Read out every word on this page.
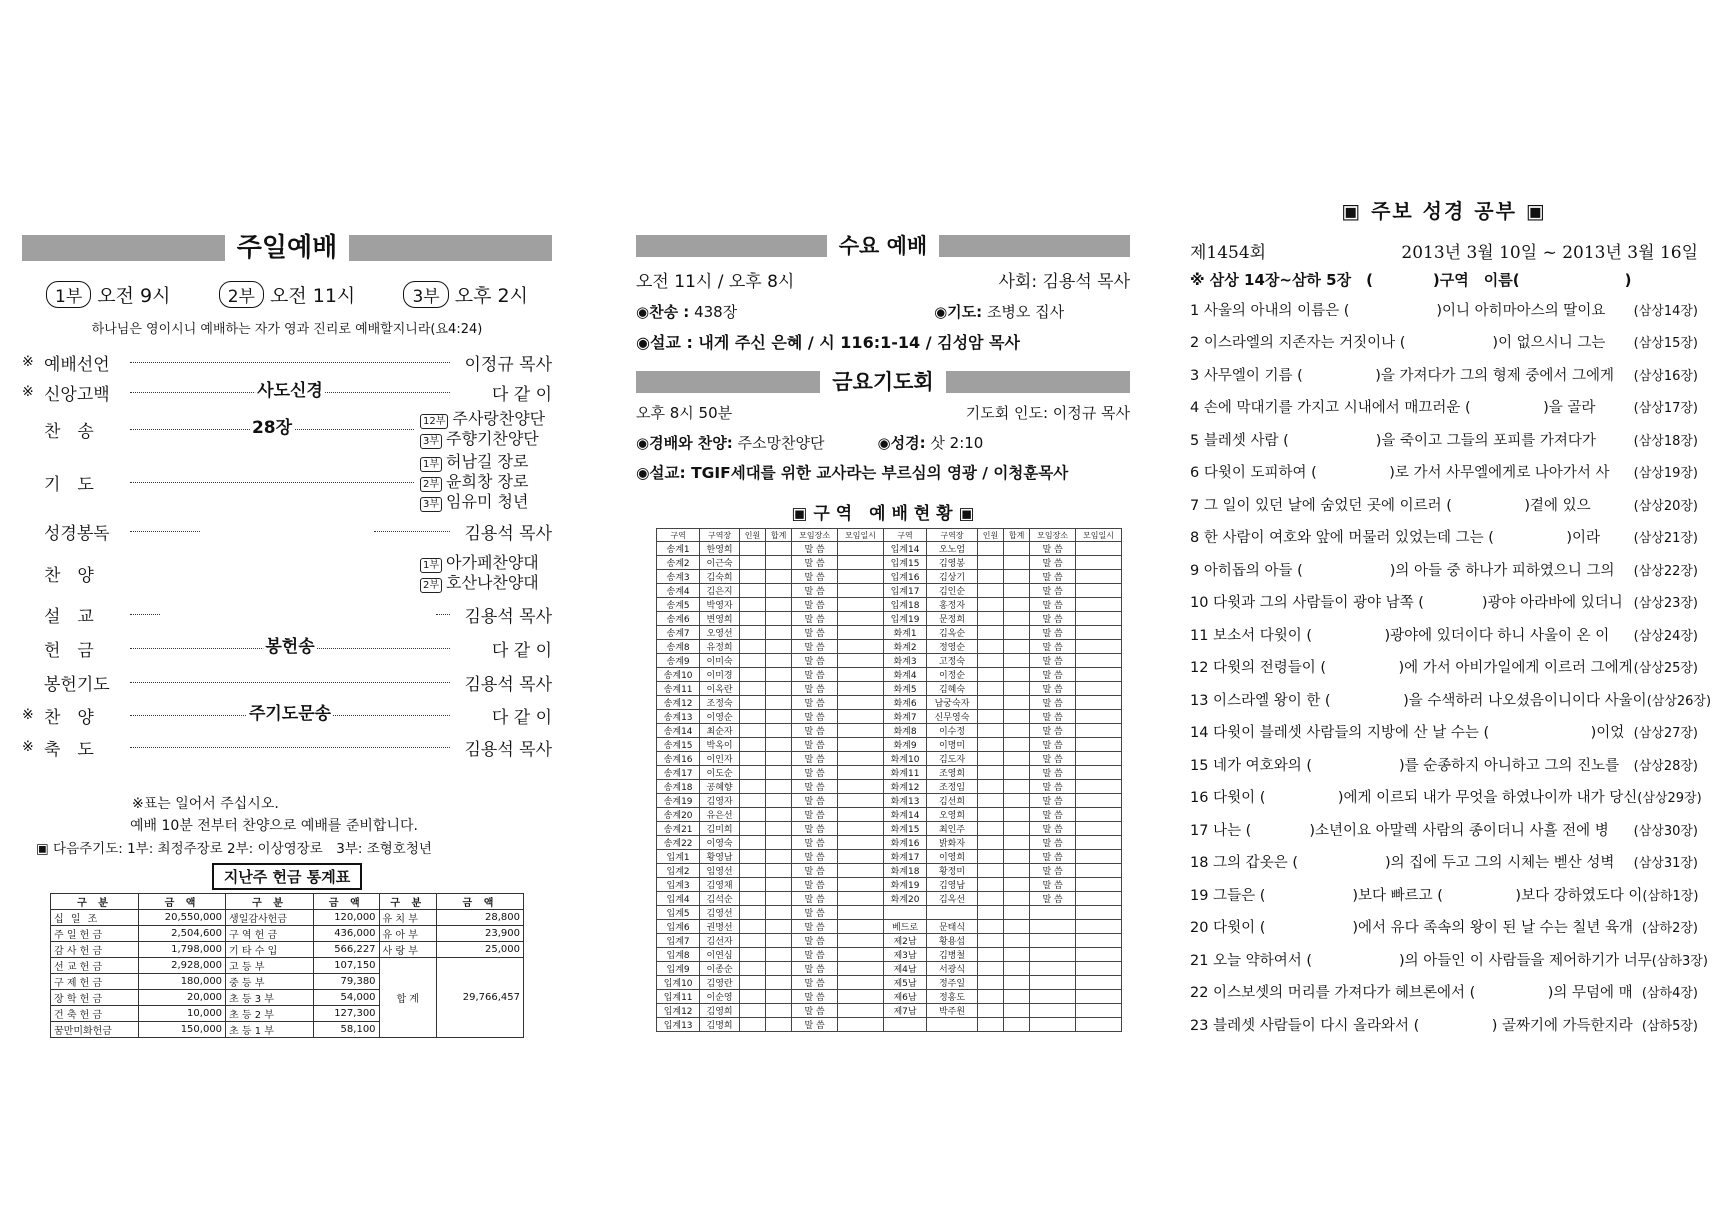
주일예배
1부 오전 9시	2부 오전 11시	3부 오후 2시
하나님은 영이시니 예배하는 자가 영과 진리로 예배할지니라(요4:24)
※ 예배선언	이정규 목사
※ 신앙고백	사도신경	다 같 이
찬　송	28장	12부 주사랑찬양단
3부 주향기찬양단
기　도
1부 허남길 장로
2부 윤희창 장로
3부 임유미 청년
성경봉독	김용석 목사
찬　양	1부 아가페찬양대
2부 호산나찬양대
설　교	김용석 목사
헌　금	봉헌송	다 같 이
봉헌기도	김용석 목사
※ 찬　양	주기도문송	다 같 이
※ 축　도	김용석 목사
※표는 일어서 주십시오.
예배 10분 전부터 찬양으로 예배를 준비합니다.
▣ 다음주기도: 1부: 최정주장로 2부: 이상영장로　3부: 조형호청년
지난주 헌금 통계표
구 분	금 액	구 분	금 액	구 분	금 액
십 일 조	20,550,000	생일감사헌금	120,000	유 치 부	28,800
주 일 헌 금	2,504,600	구 역 헌 금	436,000	유 아 부	23,900
감 사 헌 금	1,798,000	기 타 수 입	566,227	사 랑 부	25,000
선 교 헌 금	2,928,000	고 등 부	107,150	합 계	29,766,457
구 제 헌 금	180,000	중 등 부	79,380		
장 학 헌 금	20,000	초 등 3 부	54,000		
건 축 헌 금	10,000	초 등 2 부	127,300		
꿈만미화헌금	150,000	초 등 1 부	58,100		
수요 예배
오전 11시 / 오후 8시	사회: 김용석 목사
◉찬송 :
438장	◉기도:
조병오 집사
◉설교 : 내게 주신 은혜 / 시 116:1-14 / 김성암 목사
금요기도회
오후 8시 50분	기도회 인도: 이정규 목사
◉경배와 찬양:
주소망찬양단	◉성경:
삿 2:10
◉설교: TGIF세대를 위한 교사라는 부르심의 영광 / 이청훈목사
▣ 구 역　예 배 현 황 ▣
구역	구역장	인원	합계	모임장소	모임일시	구역	구역장	인원	합계	모임장소	모임일시
송계1	한영희			말 씀		입계14	오노엄			말 씀	
송계2	이근숙			말 씀		입계15	김영봉			말 씀	
송계3	김숙희			말 씀		입계16	김상기			말 씀	
송계4	김은지			말 씀		입계17	김인순			말 씀	
송계5	박영자			말 씀		입계18	홍정자			말 씀	
송계6	변영희			말 씀		입계19	문정희			말 씀	
송계7	오영선			말 씀		화계1	김옥순			말 씀	
송계8	유정희			말 씀		화계2	정영순			말 씀	
송계9	이미숙			말 씀		화계3	고정숙			말 씀	
송계10	이미경			말 씀		화계4	이정순			말 씀	
송계11	이옥란			말 씀		화계5	김혜숙			말 씀	
송계12	조정숙			말 씀		화계6	남궁숙자			말 씀	
송계13	이영순			말 씀		화계7	신무영숙			말 씀	
송계14	최순자			말 씀		화계8	이수정			말 씀	
송계15	박옥이			말 씀		화계9	이명미			말 씀	
송계16	이인자			말 씀		화계10	김도자			말 씀	
송계17	이도순			말 씀		화계11	조영희			말 씀	
송계18	공혜향			말 씀		화계12	조정임			말 씀	
송계19	김영자			말 씀		화계13	김선희			말 씀	
송계20	유은선			말 씀		화계14	오영희			말 씀	
송계21	김미희			말 씀		화계15	최인주			말 씀	
송계22	이영숙			말 씀		화계16	밝화자			말 씀	
입계1	황영남			말 씀		화계17	이영희			말 씀	
입계2	임영선			말 씀		화계18	황정미			말 씀	
입계3	김영채			말 씀		화계19	김영남			말 씀	
입계4	김석순			말 씀		화계20	김옥선			말 씀	
입계5	김영선			말 씀							
입계6	권명선			말 씀		베드로	문태식				
입계7	김선자			말 씀		제2남	황용섭				
입계8	이연심			말 씀		제3남	김병철				
입계9	이종순			말 씀		제4남	서광식				
입계10	김영란			말 씀		제5남	정주일				
입계11	이순영			말 씀		제6남	정홍도				
입계12	김영희			말 씀		제7남	박주원				
입계13	김명희			말 씀							
▣ 주보 성경 공부 ▣
제1454회	2013년 3월 10일 ~ 2013년 3월 16일
※ 삼상 14장~삼하 5장　(　　　　)구역　이름(　　　　　　　)
1 사울의 아내의 이름은 (　　　　　　)이니 아히마아스의 딸이요 (삼상14장)
2 이스라엘의 지존자는 거짓이나 (　　　　　　)이 없으시니 그는 (삼상15장)
3 사무엘이 기름 (　　　　　)을 가져다가 그의 형제 중에서 그에게 (삼상16장)
4 손에 막대기를 가지고 시내에서 매끄러운 (　　　　　)을 골라	(삼상17장)
5 블레셋 사람 (　　　　　　)을 죽이고 그들의 포피를 가져다가	(삼상18장)
6 다윗이 도피하여 (　　　　　)로 가서 사무엘에게로 나아가서 사 (삼상19장)
7 그 일이 있던 날에 숨었던 곳에 이르러 (　　　　　)곁에 있으	(삼상20장)
8 한 사람이 여호와 앞에 머물러 있었는데 그는 (　　　　　)이라	(삼상21장)
9 아히돕의 아들 (　　　　　　)의 아들 중 하나가 피하였으니 그의 (삼상22장)
10 다윗과 그의 사람들이 광야 남쪽 (　　　　)광야 아라바에 있더니 (삼상23장)
11 보소서 다윗이 (　　　　　)광야에 있더이다 하니 사울이 온 이 (삼상24장)
12 다윗의 전령들이 (　　　　　)에 가서 아비가일에게 이르러 그에게 (삼상25장)
13 이스라엘 왕이 한 (　　　　　)을 수색하러 나오셨음이니이다 사울이 (삼상26장)
14 다윗이 블레셋 사람들의 지방에 산 날 수는 (　　　　　　　)이었 (삼상27장)
15 네가 여호와의 (　　　　　　)를 순종하지 아니하고 그의 진노를 (삼상28장)
16 다윗이 (　　　　　)에게 이르되 내가 무엇을 하였나이까 내가 당신 (삼상29장)
17 나는 (　　　　)소년이요 아말렉 사람의 종이더니 사흘 전에 병 (삼상30장)
18 그의 갑옷은 (　　　　　　)의 집에 두고 그의 시체는 벧산 성벽 (삼상31장)
19 그들은 (　　　　　　)보다 빠르고 (　　　　　)보다 강하였도다 이 (삼하1장)
20 다윗이 (　　　　　　)에서 유다 족속의 왕이 된 날 수는 칠년 육개 (삼하2장)
21 오늘 약하여서 (　　　　　　)의 아들인 이 사람들을 제어하기가 너무 (삼하3장)
22 이스보셋의 머리를 가져다가 헤브론에서 (　　　　　)의 무덤에 매 (삼하4장)
23 블레셋 사람들이 다시 올라와서 (　　　　　) 골짜기에 가득한지라 (삼하5장)
